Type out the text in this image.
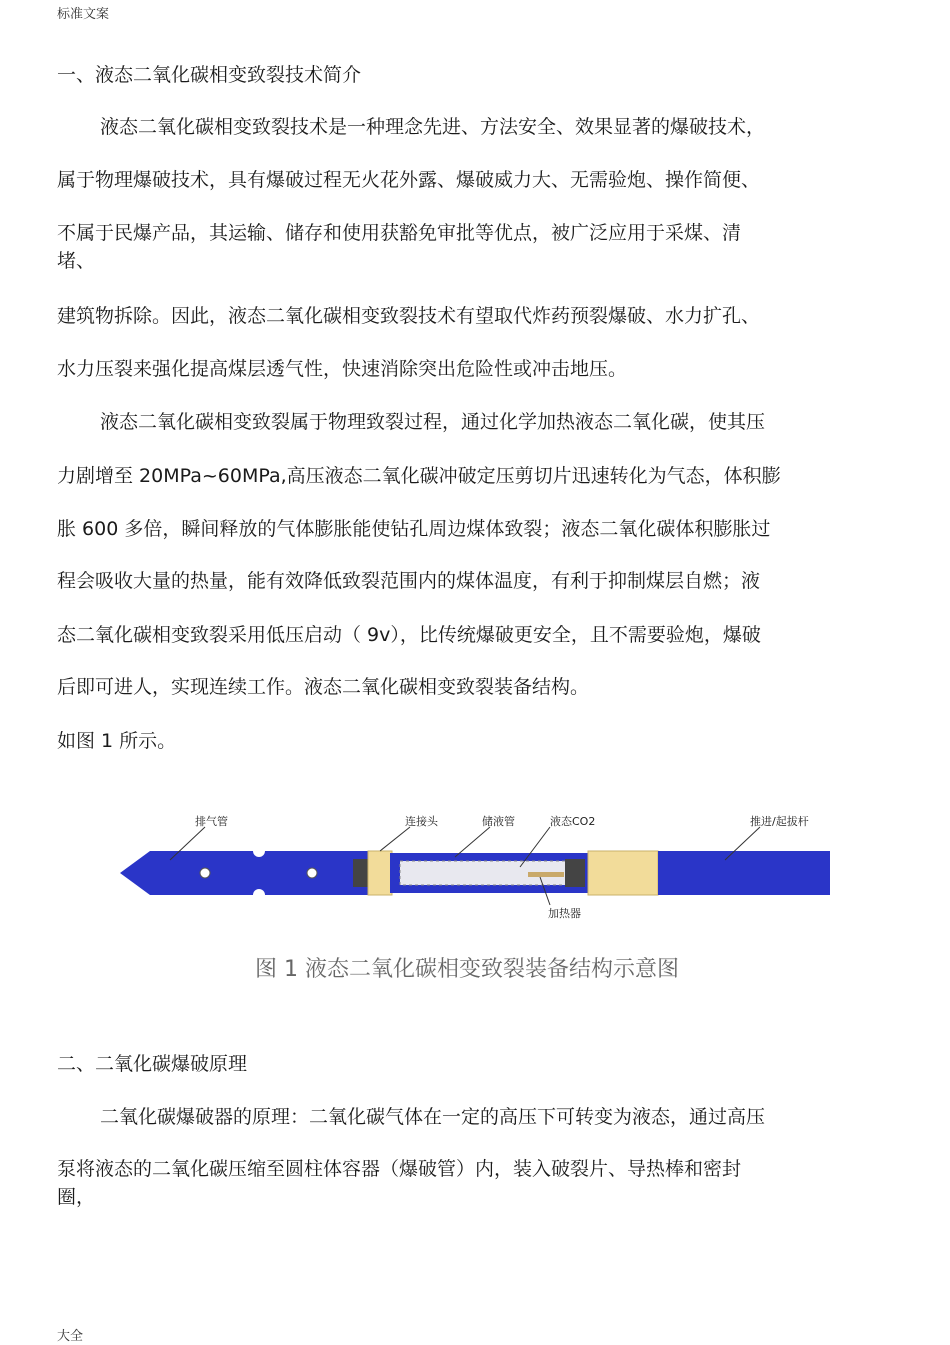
标准文案
一、液态二氧化碳相变致裂技术简介
液态二氧化碳相变致裂技术是一种理念先进、方法安全、效果显著的爆破技术，
属于物理爆破技术，具有爆破过程无火花外露、爆破威力大、无需验炮、操作简便、
不属于民爆产品，其运输、储存和使用获豁免审批等优点，被广泛应用于采煤、清
堵、
建筑物拆除。因此，液态二氧化碳相变致裂技术有望取代炸药预裂爆破、水力扩孔、
水力压裂来强化提高煤层透气性，快速消除突出危险性或冲击地压。
液态二氧化碳相变致裂属于物理致裂过程，通过化学加热液态二氧化碳，使其压
力剧增至 20MPa~60MPa,高压液态二氧化碳冲破定压剪切片迅速转化为气态，体积膨
胀 600 多倍，瞬间释放的气体膨胀能使钻孔周边煤体致裂；液态二氧化碳体积膨胀过
程会吸收大量的热量，能有效降低致裂范围内的煤体温度，有利于抑制煤层自燃；液
态二氧化碳相变致裂采用低压启动（ 9v），比传统爆破更安全，且不需要验炮，爆破
后即可进人，实现连续工作。液态二氧化碳相变致裂装备结构。
如图 1 所示。
排气管	连接头	储液管	液态CO2	推进/起拔杆
加热器
图 1 液态二氧化碳相变致裂装备结构示意图
二、二氧化碳爆破原理
二氧化碳爆破器的原理：二氧化碳气体在一定的高压下可转变为液态，通过高压
泵将液态的二氧化碳压缩至圆柱体容器（爆破管）内，装入破裂片、导热棒和密封
圈，
大全
